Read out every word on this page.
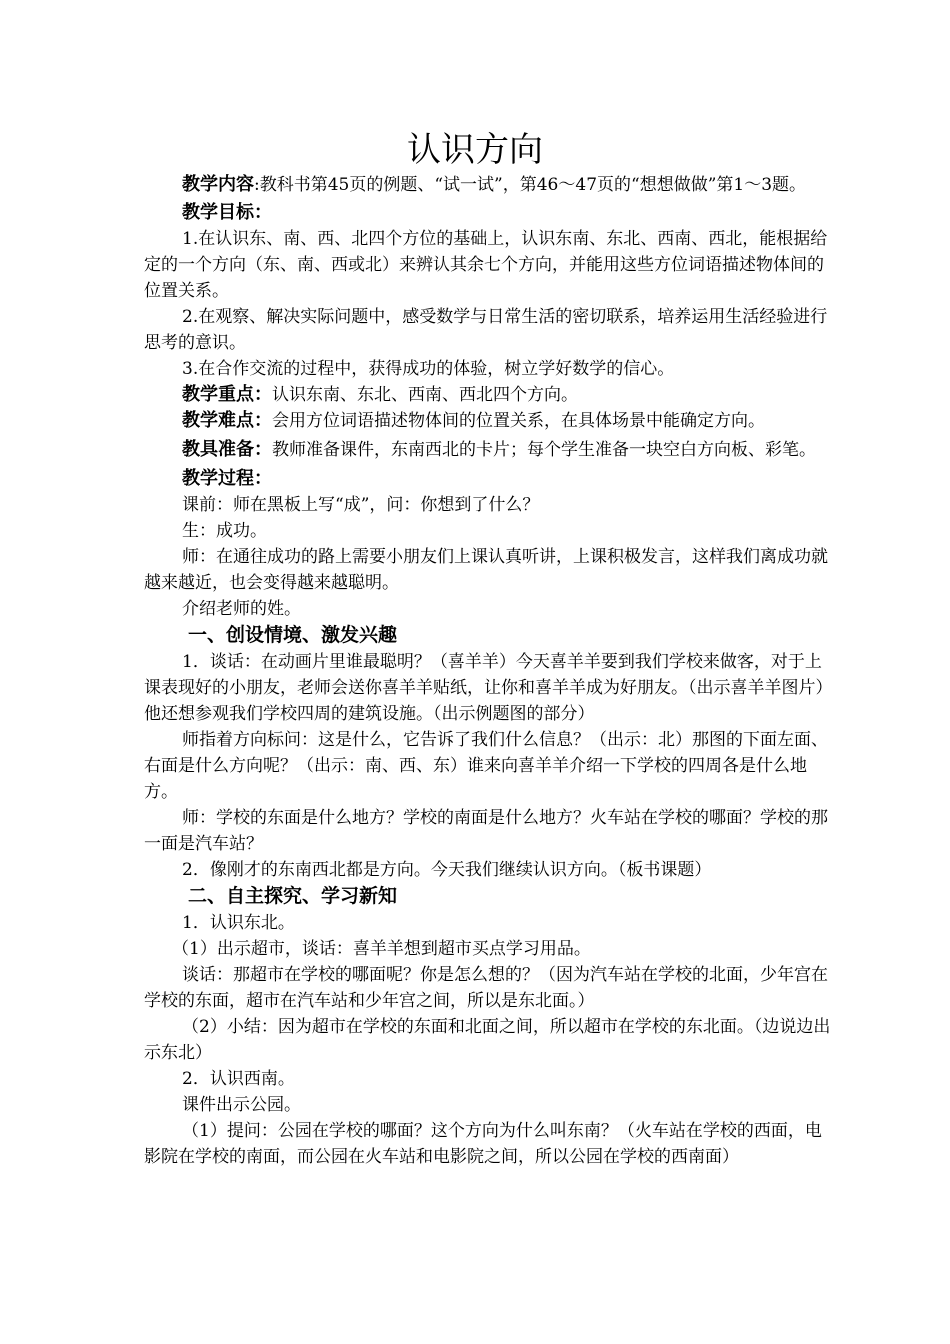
认识方向

教学内容:教科书第45页的例题、“试一试”，第46～47页的“想想做做”第1～3题。

教学目标：

1.在认识东、南、西、北四个方位的基础上，认识东南、东北、西南、西北，能根据给定的一个方向（东、南、西或北）来辨认其余七个方向，并能用这些方位词语描述物体间的位置关系。

2.在观察、解决实际问题中，感受数学与日常生活的密切联系，培养运用生活经验进行思考的意识。

3.在合作交流的过程中，获得成功的体验，树立学好数学的信心。

教学重点：认识东南、东北、西南、西北四个方向。

教学难点：会用方位词语描述物体间的位置关系，在具体场景中能确定方向。

教具准备：教师准备课件，东南西北的卡片；每个学生准备一块空白方向板、彩笔。

教学过程：

课前：师在黑板上写“成”，问：你想到了什么？

生：成功。

师：在通往成功的路上需要小朋友们上课认真听讲，上课积极发言，这样我们离成功就越来越近，也会变得越来越聪明。

介绍老师的姓。

一、创设情境、激发兴趣

1．谈话：在动画片里谁最聪明？（喜羊羊）今天喜羊羊要到我们学校来做客，对于上课表现好的小朋友，老师会送你喜羊羊贴纸，让你和喜羊羊成为好朋友。（出示喜羊羊图片）他还想参观我们学校四周的建筑设施。（出示例题图的部分）

师指着方向标问：这是什么，它告诉了我们什么信息？（出示：北）那图的下面左面、右面是什么方向呢？（出示：南、西、东）谁来向喜羊羊介绍一下学校的四周各是什么地方。

师：学校的东面是什么地方？学校的南面是什么地方？火车站在学校的哪面？学校的那一面是汽车站？

2．像刚才的东南西北都是方向。今天我们继续认识方向。（板书课题）

二、自主探究、学习新知

1．认识东北。

（1）出示超市，谈话：喜羊羊想到超市买点学习用品。

谈话：那超市在学校的哪面呢？你是怎么想的？（因为汽车站在学校的北面，少年宫在学校的东面，超市在汽车站和少年宫之间，所以是东北面。）

（2）小结：因为超市在学校的东面和北面之间，所以超市在学校的东北面。（边说边出示东北）

2．认识西南。

课件出示公园。

（1）提问：公园在学校的哪面？这个方向为什么叫东南？（火车站在学校的西面，电影院在学校的南面，而公园在火车站和电影院之间，所以公园在学校的西南面）
